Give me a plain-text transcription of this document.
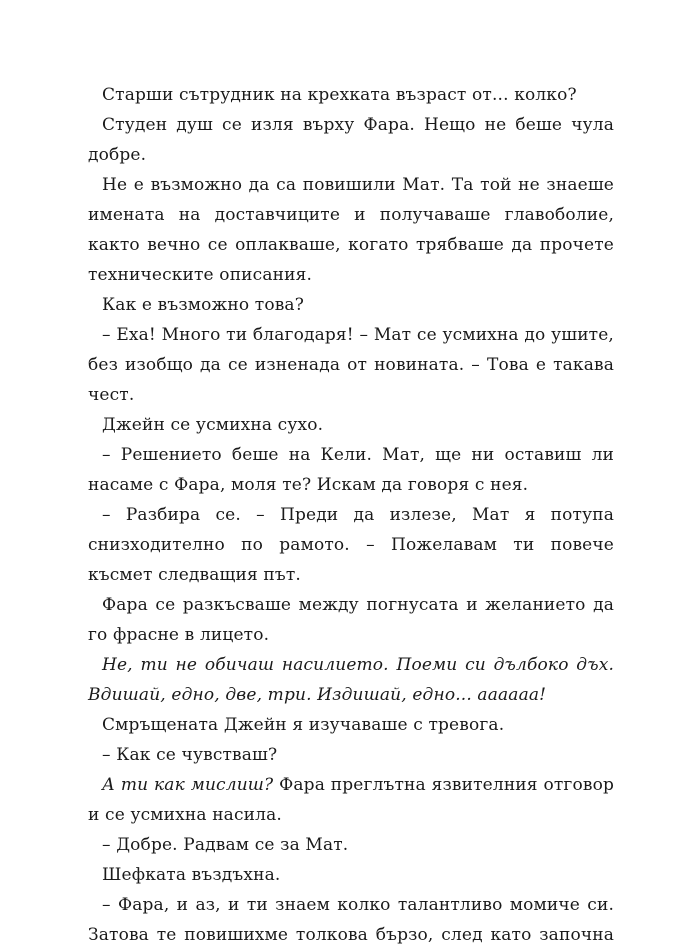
Старши сътрудник на крехката възраст от... колко?

Студен душ се изля върху Фара. Нещо не беше чула добре.

Не е възможно да са повишили Мат. Та той не знаеше имената на доставчиците и получаваше главоболие, както вечно се оплакваше, когато трябваше да прочете техническите описания.

Как е възможно това?

– Еха! Много ти благодаря! – Мат се усмихна до ушите, без изобщо да се изненада от новината. – Това е такава чест.

Джейн се усмихна сухо.

– Решението беше на Кели. Мат, ще ни оставиш ли насаме с Фара, моля те? Искам да говоря с нея.

– Разбира се. – Преди да излезе, Мат я потупа снизходително по рамото. – Пожелавам ти повече късмет следващия път.

Фара се разкъсваше между погнусата и желанието да го фрасне в лицето.

Не, ти не обичаш насилието. Поеми си дълбоко дъх. Вдишай, едно, две, три. Издишай, едно... аааааа!

Смръщената Джейн я изучаваше с тревога.

– Как се чувстваш?

А ти как мислиш? Фара преглътна язвителния отговор и се усмихна насила.

– Добре. Радвам се за Мат.

Шефката въздъхна.

– Фара, и аз, и ти знаем колко талантливо момиче си. Затова те повишихме толкова бързо, след като започна
